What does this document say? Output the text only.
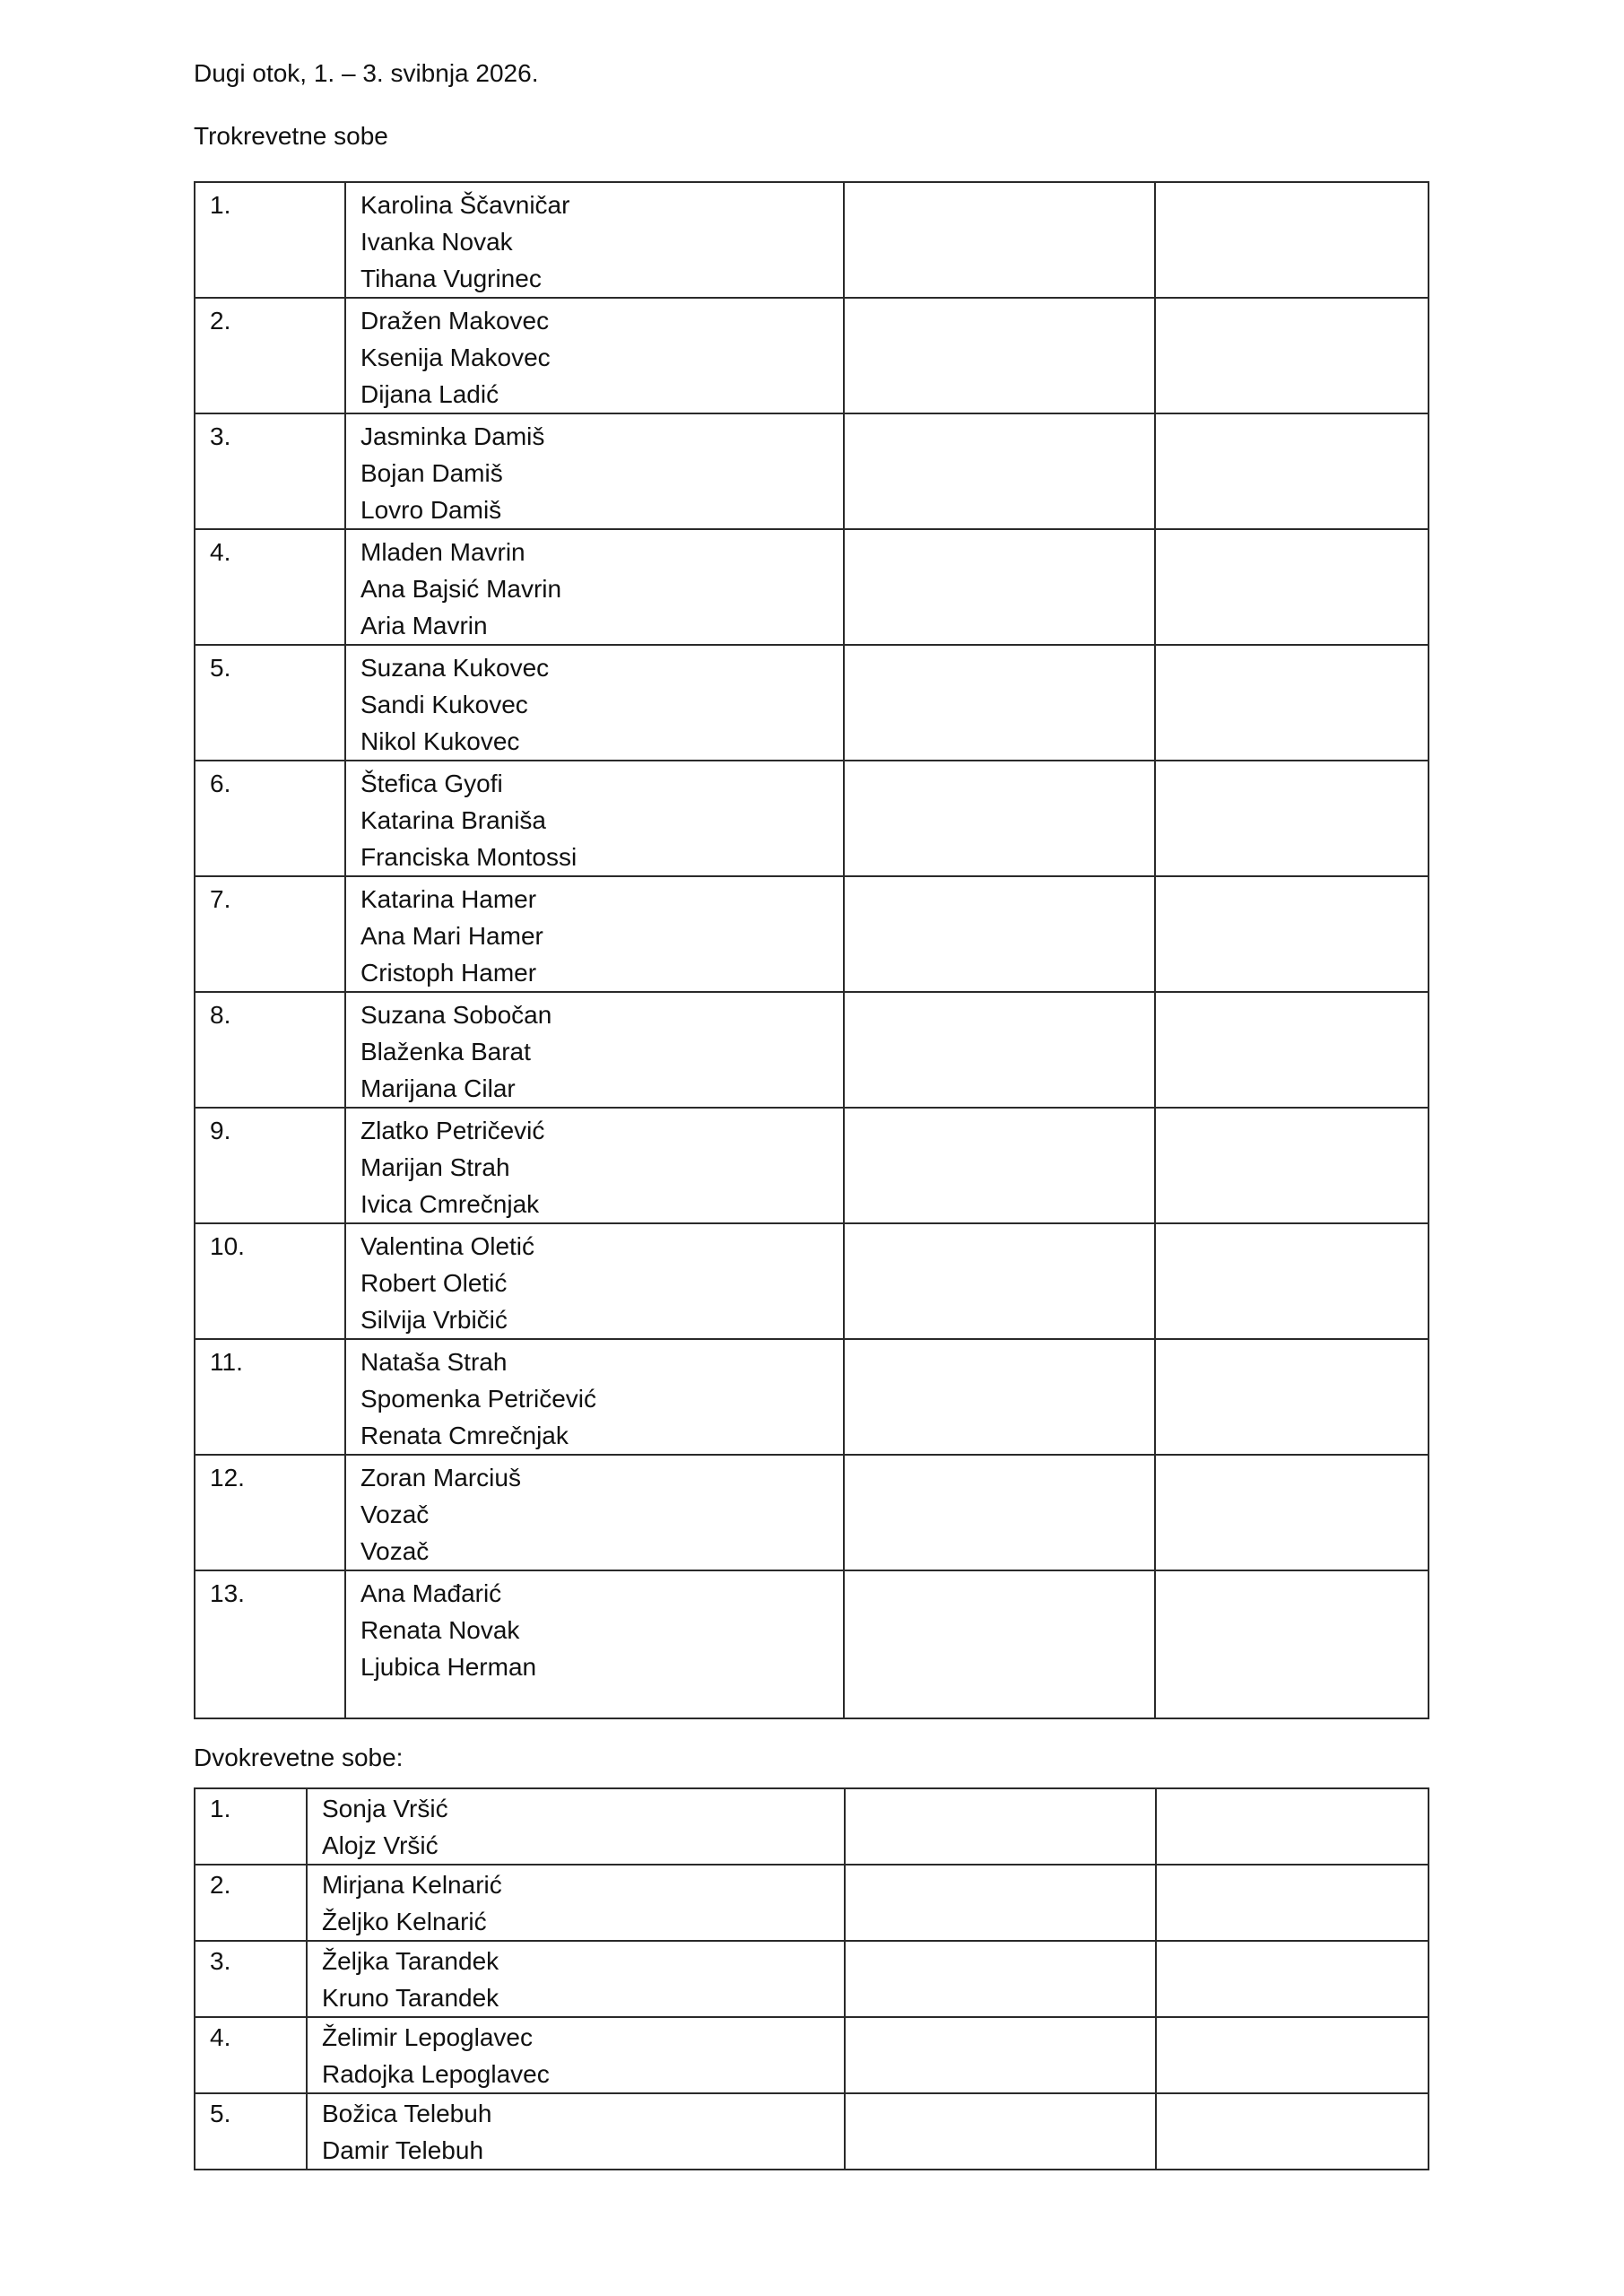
Dugi otok, 1. – 3. svibnja 2026.
Trokrevetne sobe
1.	Karolina Ščavničar
Ivanka Novak
Tihana Vugrinec		

2.	Dražen Makovec
Ksenija Makovec
Dijana Ladić		

3.	Jasminka Damiš
Bojan Damiš
Lovro Damiš		

4.	Mladen Mavrin
Ana Bajsić Mavrin
Aria Mavrin		

5.	Suzana Kukovec
Sandi Kukovec
Nikol Kukovec		

6.	Štefica Gyofi
Katarina Braniša
Franciska Montossi		

7.	Katarina Hamer
Ana Mari Hamer
Cristoph Hamer		

8.	Suzana Sobočan
Blaženka Barat
Marijana Cilar		

9.	Zlatko Petričević
Marijan Strah
Ivica Cmrečnjak		

10.	Valentina Oletić
Robert Oletić
Silvija Vrbičić		

11.	Nataša Strah
Spomenka Petričević
Renata Cmrečnjak		

12.	Zoran Marciuš
Vozač
Vozač		

13.	Ana Mađarić
Renata Novak
Ljubica Herman		

Dvokrevetne sobe:
1.	Sonja Vršić
Alojz Vršić		

2.	Mirjana Kelnarić
Željko Kelnarić		

3.	Željka Tarandek
Kruno Tarandek		

4.	Želimir Lepoglavec
Radojka Lepoglavec		

5.	Božica Telebuh
Damir Telebuh		
